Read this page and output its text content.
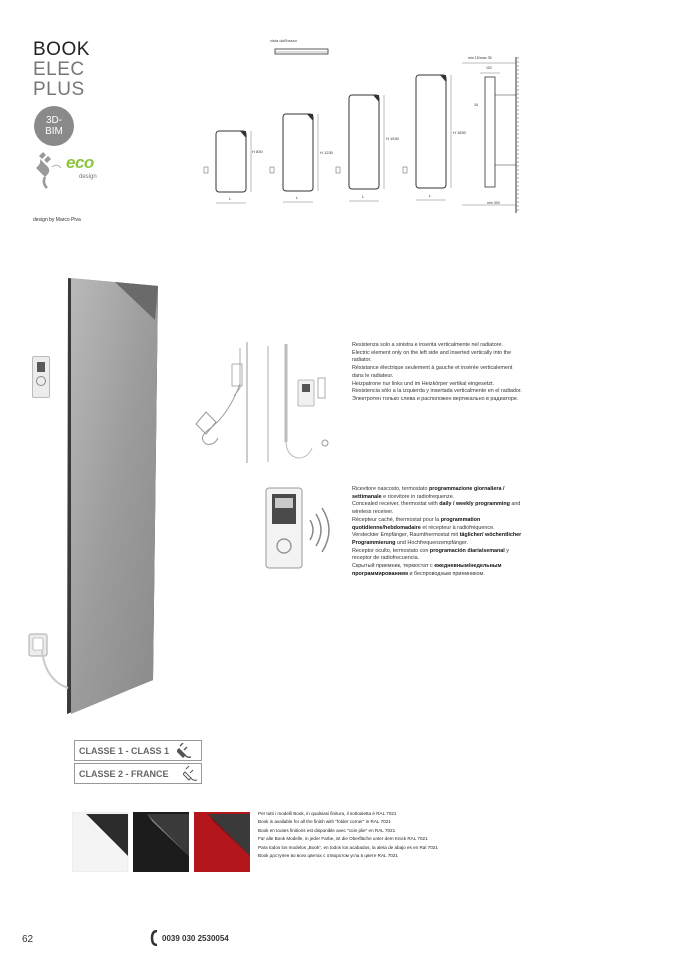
BOOK
ELEC
PLUS
3D-
BIM
eco
design
design by Marco Piva
vista dall'basso
H 830	H 1230
H 1530
H 1830
L	L	L	L
min 15/max 35
102
34
min 300

Resistenza solo a sinistra e inserita verticalmente nel radiatore.

Electric element only on the left side and inserted vertically into the radiator.

Résistance électrique seulement à gauche et insérée verticalement dans le radiateur.

Heizpatrone nur links und im Heizkörper vertikal eingesetzt.

Resistencia sólo a la izquierda y insertada verticalmente en el radiador.

Электротен только слева и расположен вертикально в радиаторе.

Ricevitore nascosto, termostato programmazione giornaliera / settimanale e ricevitore in radiofrequenze.

Concealed receiver, thermostat with daily / weekly programming and wireless receiver.

Récepteur caché, thermostat pour la programmation quotidienne/hebdomadaire et récepteur à radiofréquence.

Versteckter Empfänger, Raumthermostat mit täglicher/ wöchentlicher Programmierung und Hochfrequenzempfänger.

Receptor oculto, termostato con programación diaria/semanal y receptor de radiofrecuencia.

Скрытый приемник, термостат с ежедневным/недельным программированием и беспроводным приемником.

CLASSE 1 - CLASS 1
CLASSE 2 - FRANCE
Per tutti i modelli Book, in qualsiasi finitura, il sottoaletta è RAL 7021
Book is available for all the finish with "folder corner" in RAL 7021
Book en toutes finitions est disponible avec "coin plie" en RAL 7021
Für alle Book Modelle, in jeder Farbe, ist die Oberfläche unter dem Knick RAL 7021
Para todos los modelos „Book", en todos los acabados, la aleta de abajo es en Ral 7021
Book доступен во всех цветах с отворотом угла в цвете RAL 7021
62	0039 030 2530054
